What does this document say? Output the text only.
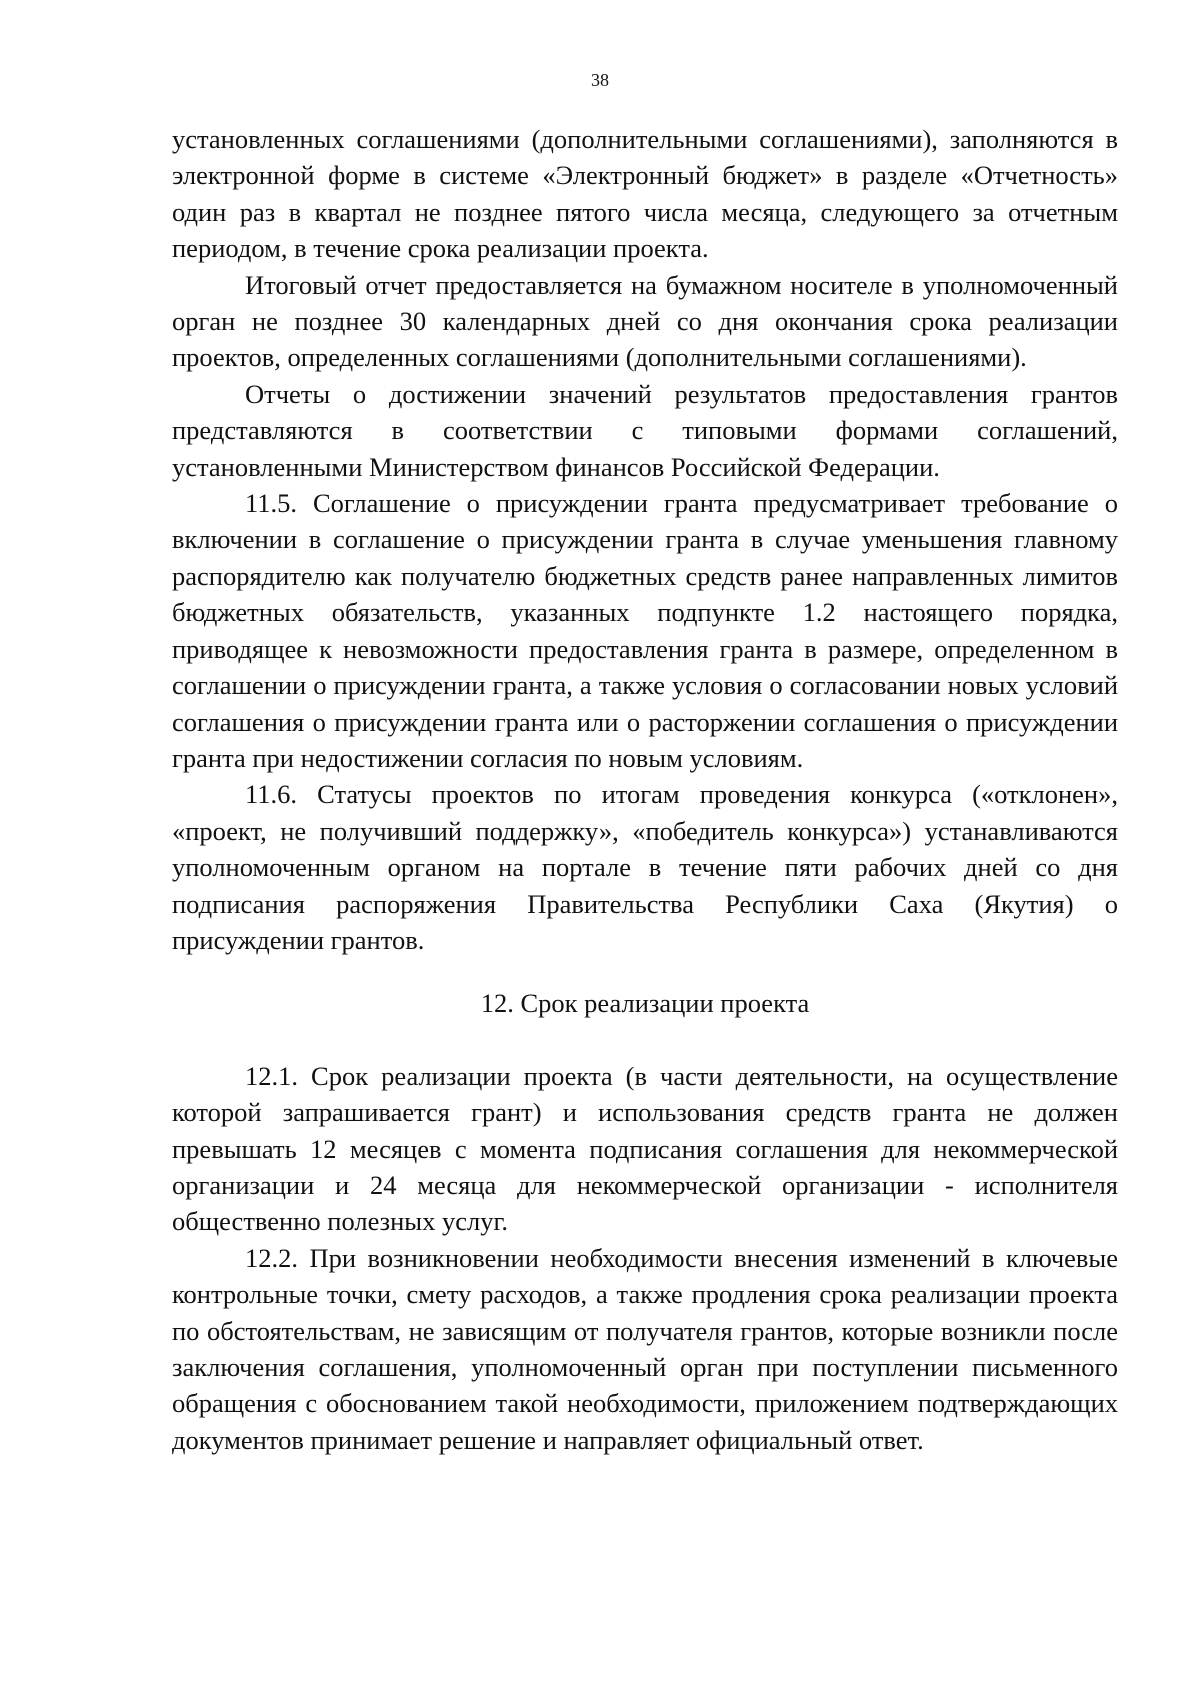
38

установленных соглашениями (дополнительными соглашениями), заполняются в электронной форме в системе «Электронный бюджет» в разделе «Отчетность» один раз в квартал не позднее пятого числа месяца, следующего за отчетным периодом, в течение срока реализации проекта.

Итоговый отчет предоставляется на бумажном носителе в уполномоченный орган не позднее 30 календарных дней со дня окончания срока реализации проектов, определенных соглашениями (дополнительными соглашениями).

Отчеты о достижении значений результатов предоставления грантов представляются в соответствии с типовыми формами соглашений, установленными Министерством финансов Российской Федерации.

11.5. Соглашение о присуждении гранта предусматривает требование о включении в соглашение о присуждении гранта в случае уменьшения главному распорядителю как получателю бюджетных средств ранее направленных лимитов бюджетных обязательств, указанных подпункте 1.2 настоящего порядка, приводящее к невозможности предоставления гранта в размере, определенном в соглашении о присуждении гранта, а также условия о согласовании новых условий соглашения о присуждении гранта или о расторжении соглашения о присуждении гранта при недостижении согласия по новым условиям.

11.6. Статусы проектов по итогам проведения конкурса («отклонен», «проект, не получивший поддержку», «победитель конкурса») устанавливаются уполномоченным органом на портале в течение пяти рабочих дней со дня подписания распоряжения Правительства Республики Саха (Якутия) о присуждении грантов.

12. Срок реализации проекта

12.1. Срок реализации проекта (в части деятельности, на осуществление которой запрашивается грант) и использования средств гранта не должен превышать 12 месяцев с момента подписания соглашения для некоммерческой организации и 24 месяца для некоммерческой организации - исполнителя общественно полезных услуг.

12.2. При возникновении необходимости внесения изменений в ключевые контрольные точки, смету расходов, а также продления срока реализации проекта по обстоятельствам, не зависящим от получателя грантов, которые возникли после заключения соглашения, уполномоченный орган при поступлении письменного обращения с обоснованием такой необходимости, приложением подтверждающих документов принимает решение и направляет официальный ответ.
